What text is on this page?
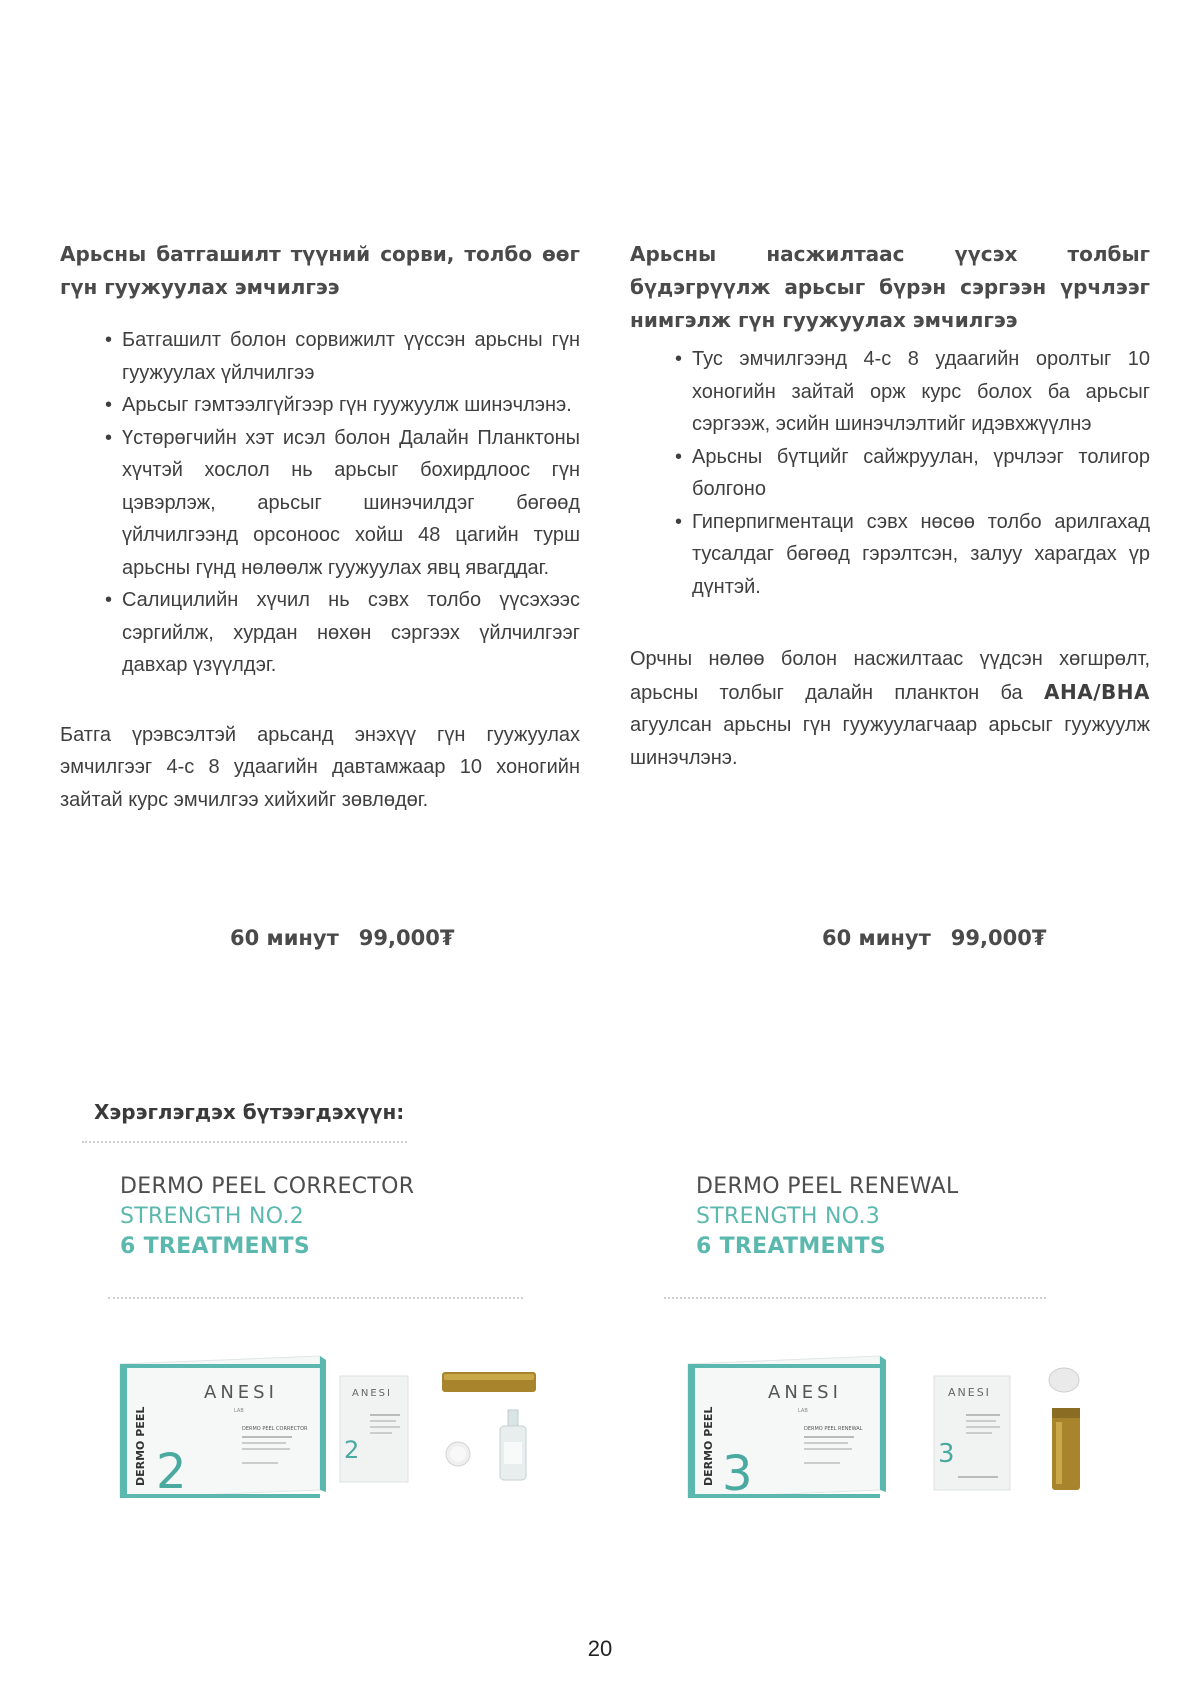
Арьсны батгашилт түүний сорви, толбо өөг гүн гуужуулах эмчилгээ

• Батгашилт болон сорвижилт үүссэн арьсны гүн гуужуулах үйлчилгээ
• Арьсыг гэмтээлгүйгээр гүн гуужуулж шинэчлэнэ.
• Үстөрөгчийн хэт исэл болон Далайн Планктоны хүчтэй хослол нь арьсыг бохирдлоос гүн цэвэрлэж, арьсыг шинэчилдэг бөгөөд үйлчилгээнд орсоноос хойш 48 цагийн турш арьсны гүнд нөлөөлж гуужуулах явц явагддаг.
• Салицилийн хүчил нь сэвх толбо үүсэхээс сэргийлж, хурдан нөхөн сэргээх үйлчилгээг давхар үзүүлдэг.

Батга үрэвсэлтэй арьсанд энэхүү гүн гуужуулах эмчилгээг 4-с 8 удаагийн давтамжаар 10 хоногийн зайтай курс эмчилгээ хийхийг зөвлөдөг.

Арьсны насжилтаас үүсэх толбыг бүдэгрүүлж арьсыг бүрэн сэргээн үрчлээг нимгэлж гүн гуужуулах эмчилгээ

• Тус эмчилгээнд 4-с 8 удаагийн оролтыг 10 хоногийн зайтай орж курс болох ба арьсыг сэргээж, эсийн шинэчлэлтийг идэвхжүүлнэ
• Арьсны бүтцийг сайжруулан, үрчлээг толигор болгоно
• Гиперпигментаци сэвх нөсөө толбо арилгахад тусалдаг бөгөөд гэрэлтсэн, залуу харагдах үр дүнтэй.

Орчны нөлөө болон насжилтаас үүдсэн хөгшрөлт, арьсны толбыг далайн планктон ба AHA/BHA агуулсан арьсны гүн гуужуулагчаар арьсыг гуужуулж шинэчлэнэ.

60 минут 99,000₮	60 минут 99,000₮
Хэрэглэгдэх бүтээгдэхүүн:
DERMO PEEL CORRECTOR
STRENGTH NO.2
6 TREATMENTS
DERMO PEEL RENEWAL
STRENGTH NO.3
6 TREATMENTS
ANESI
LAB
DERMO PEEL 2
DERMO PEEL CORRECTOR
ANESI
2
ANESI
LAB
DERMO PEEL 3
DERMO PEEL RENEWAL
ANESI
3
20
